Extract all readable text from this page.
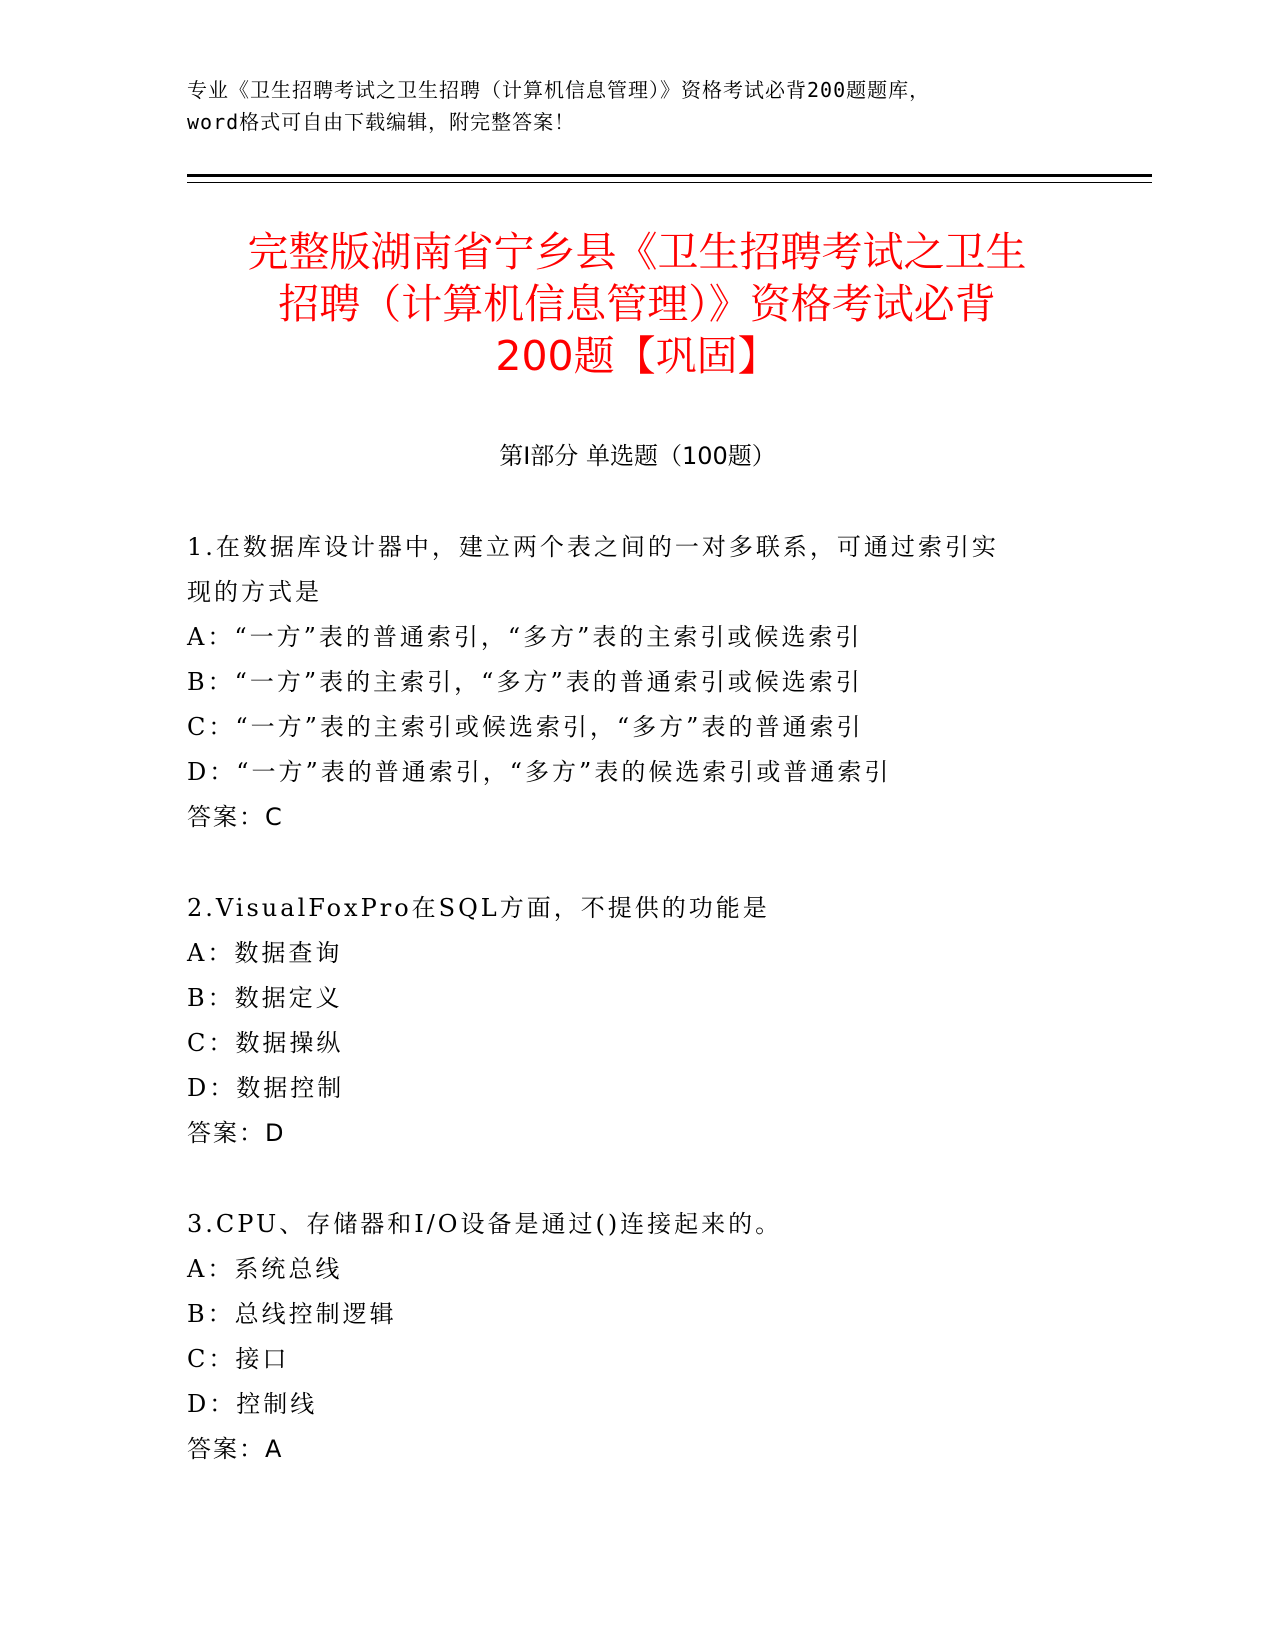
专业《卫生招聘考试之卫生招聘（计算机信息管理）》资格考试必背200题题库，
word格式可自由下载编辑，附完整答案！
完整版湖南省宁乡县《卫生招聘考试之卫生
招聘（计算机信息管理）》资格考试必背
200题【巩固】
第I部分 单选题（100题）
1.在数据库设计器中，建立两个表之间的一对多联系，可通过索引实
现的方式是
A：“一方”表的普通索引，“多方”表的主索引或候选索引
B：“一方”表的主索引，“多方”表的普通索引或候选索引
C：“一方”表的主索引或候选索引，“多方”表的普通索引
D：“一方”表的普通索引，“多方”表的候选索引或普通索引
答案：C
2.VisualFoxPro在SQL方面，不提供的功能是
A：数据查询
B：数据定义
C：数据操纵
D：数据控制
答案：D
3.CPU、存储器和I/O设备是通过()连接起来的。
A：系统总线
B：总线控制逻辑
C：接口
D：控制线
答案：A
